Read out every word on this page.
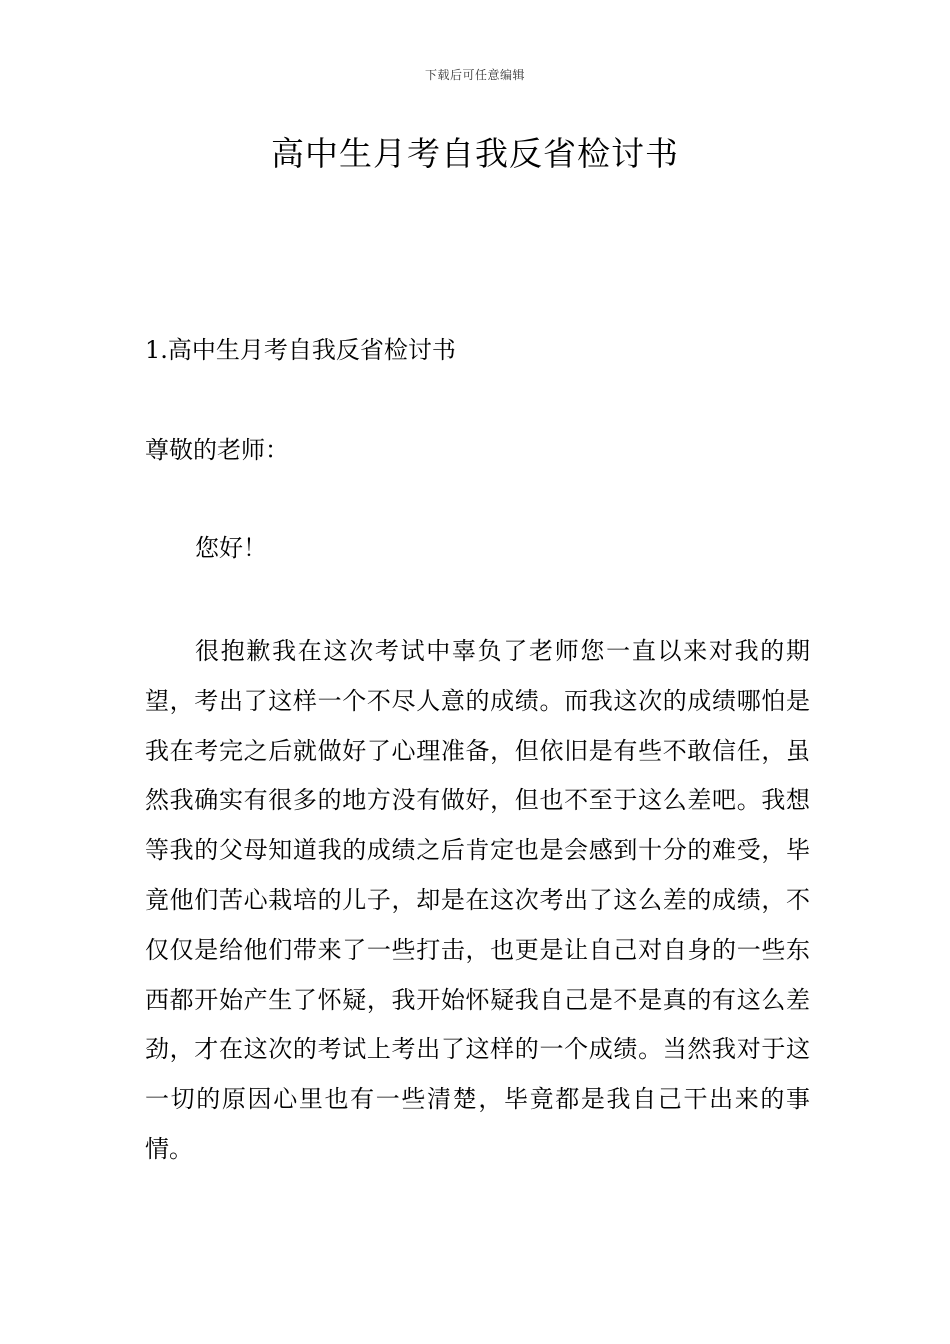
下载后可任意编辑
高中生月考自我反省检讨书
1.高中生月考自我反省检讨书

尊敬的老师：

您好！

很抱歉我在这次考试中辜负了老师您一直以来对我的期望，考出了这样一个不尽人意的成绩。而我这次的成绩哪怕是我在考完之后就做好了心理准备，但依旧是有些不敢信任，虽然我确实有很多的地方没有做好，但也不至于这么差吧。我想等我的父母知道我的成绩之后肯定也是会感到十分的难受，毕竟他们苦心栽培的儿子，却是在这次考出了这么差的成绩，不仅仅是给他们带来了一些打击，也更是让自己对自身的一些东西都开始产生了怀疑，我开始怀疑我自己是不是真的有这么差劲，才在这次的考试上考出了这样的一个成绩。当然我对于这一切的原因心里也有一些清楚，毕竟都是我自己干出来的事情。
